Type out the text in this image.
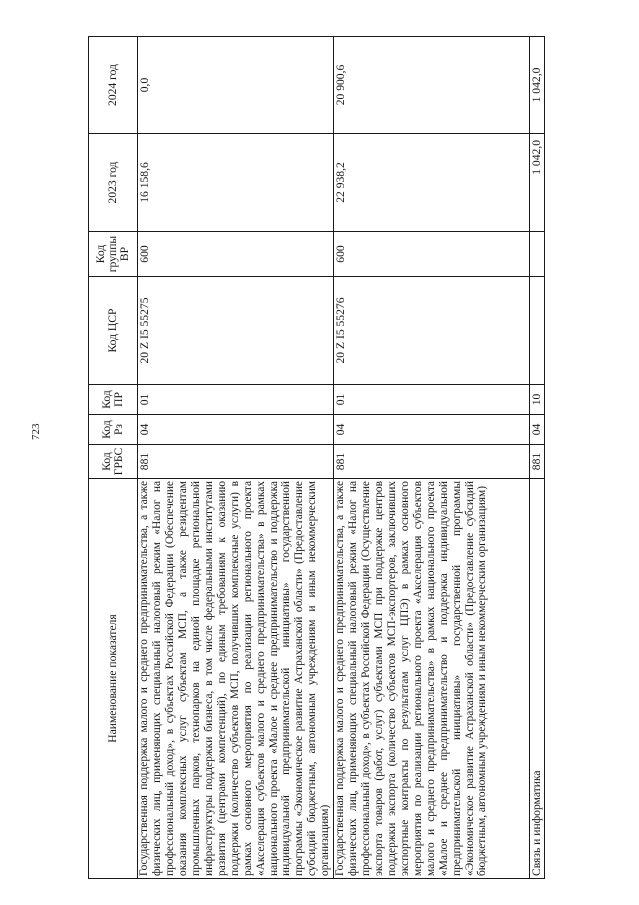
723
Наименование показателя	Код ГРБС	Код Рз	Код ПР	Код ЦСР	Код группы ВР	2023 год	2024 год
Государственная поддержка малого и среднего предпринимательства, а также физических лиц, применяющих специальный налоговый режим «Налог на профессиональный доход», в субъектах Российской Федерации (Обеспечение оказания комплексных услуг субъектам МСП, а также резидентам промышленных парков, технопарков на единой площадке региональной инфраструктуры поддержки бизнеса, в том числе федеральными институтами развития (центрами компетенций), по единым требованиям к оказанию поддержки (количество субъектов МСП, получивших комплексные услуги) в рамках основного мероприятия по реализации регионального проекта «Акселерация субъектов малого и среднего предпринимательства» в рамках национального проекта «Малое и среднее предпринимательство и поддержка индивидуальной предпринимательской инициативы» государственной программы «Экономическое развитие Астраханской области» (Предоставление субсидий бюджетным, автономным учреждениям и иным некоммерческим организациям)	881	04	01	20 Z I5 55275	600	16 158,6	0,0
Государственная поддержка малого и среднего предпринимательства, а также физических лиц, применяющих специальный налоговый режим «Налог на профессиональный доход», в субъектах Российской Федерации (Осуществление экспорта товаров (работ, услуг) субъектами МСП при поддержке центров поддержки экспорта (количество субъектов МСП-экспортеров, заключивших экспортные контракты по результатам услуг ЦПЭ) в рамках основного мероприятия по реализации регионального проекта «Акселерация субъектов малого и среднего предпринимательства» в рамках национального проекта «Малое и среднее предпринимательство и поддержка индивидуальной предпринимательской инициативы» государственной программы «Экономическое развитие Астраханской области» (Предоставление субсидий бюджетным, автономным учреждениям и иным некоммерческим организациям)	881	04	01	20 Z I5 55276	600	22 938,2	20 900,6
Связь и информатика	881	04	10			1 042,0	1 042,0
